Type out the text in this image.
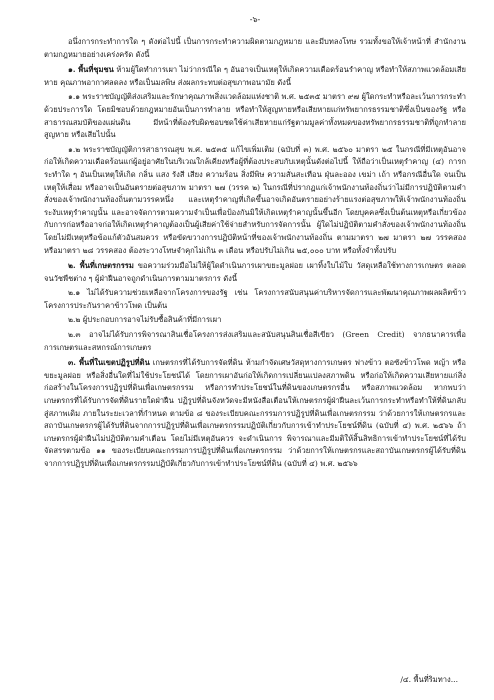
-๖-

อนึ่งการกระทำการใด ๆ ดังต่อไปนี้ เป็นการกระทำความผิดตามกฎหมาย และมีบทลงโทษ รวมทั้งขอให้เจ้าหน้าที่ สำนักงานตามกฎหมายอย่างเคร่งครัด ดังนี้

๑. พื้นที่ชุมชน ห้ามผู้ใดทำการเผา ไม่ว่ากรณีใด ๆ อันอาจเป็นเหตุให้เกิดความเดือดร้อนรำคาญ หรือทำให้สภาพแวดล้อมเสียหาย คุณภาพอากาศลดลง หรือเป็นมลพิษ ส่งผลกระทบต่อสุขภาพอนามัย ดังนี้

๑.๑ พระราชบัญญัติส่งเสริมและรักษาคุณภาพสิ่งแวดล้อมแห่งชาติ พ.ศ. ๒๕๓๕ มาตรา ๙๗ ผู้ใดกระทำหรือละเว้นการกระทำด้วยประการใด โดยมิชอบด้วยกฎหมายอันเป็นการทำลาย หรือทำให้สูญหายหรือเสียหายแก่ทรัพยากรธรรมชาติซึ่งเป็นของรัฐ หรือสาธารณสมบัติของแผ่นดิน มีหน้าที่ต้องรับผิดชอบชดใช้ค่าเสียหายแก่รัฐตามมูลค่าทั้งหมดของทรัพยากรธรรมชาติที่ถูกทำลาย สูญหาย หรือเสียไปนั้น

๑.๒ พระราชบัญญัติการสาธารณสุข พ.ศ. ๒๕๓๕ แก้ไขเพิ่มเติม (ฉบับที่ ๓) พ.ศ. ๒๕๖๐ มาตรา ๒๕ ในกรณีที่มีเหตุอันอาจก่อให้เกิดความเดือดร้อนแก่ผู้อยู่อาศัยในบริเวณใกล้เคียงหรือผู้ที่ต้องประสบกับเหตุนั้นดังต่อไปนี้ ให้ถือว่าเป็นเหตุรำคาญ (๔) การกระทำใด ๆ อันเป็นเหตุให้เกิด กลิ่น แสง รังสี เสียง ความร้อน สิ่งมีพิษ ความสั่นสะเทือน ฝุ่นละออง เขม่า เถ้า หรือกรณีอื่นใด จนเป็นเหตุให้เสื่อม หรืออาจเป็นอันตรายต่อสุขภาพ มาตรา ๒๗ (วรรค ๒) ในกรณีที่ปรากฏแก่เจ้าพนักงานท้องถิ่นว่าไม่มีการปฏิบัติตามคำสั่งของเจ้าพนักงานท้องถิ่นตามวรรคหนึ่ง และเหตุรำคาญที่เกิดขึ้นอาจเกิดอันตรายอย่างร้ายแรงต่อสุขภาพให้เจ้าพนักงานท้องถิ่นระงับเหตุรำคาญนั้น และอาจจัดการตามความจำเป็นเพื่อป้องกันมิให้เกิดเหตุรำคาญนั้นขึ้นอีก โดยบุคคลซึ่งเป็นต้นเหตุหรือเกี่ยวข้องกับการก่อหรืออาจก่อให้เกิดเหตุรำคาญต้องเป็นผู้เสียค่าใช้จ่ายสำหรับการจัดการนั้น ผู้ใดไม่ปฏิบัติตามคำสั่งของเจ้าพนักงานท้องถิ่นโดยไม่มีเหตุหรือข้อแก้ตัวอันสมควร หรือขัดขวางการปฏิบัติหน้าที่ของเจ้าพนักงานท้องถิ่น ตามมาตรา ๒๗ มาตรา ๒๗ วรรคสอง หรือมาตรา ๒๘ วรรคสอง ต้องระวางโทษจำคุกไม่เกิน ๓ เดือน หรือปรับไม่เกิน ๒๕,๐๐๐ บาท หรือทั้งจำทั้งปรับ

๒. พื้นที่เกษตรกรรม ขอความร่วมมือไม่ให้ผู้ใดดำเนินการเผาขยะมูลฝอย เผาทิ้งใบไม้ใบ วัสดุเหลือใช้ทางการเกษตร ตลอดจนวัชพืชต่าง ๆ ผู้ฝ่าฝืนอาจถูกดำเนินการตามมาตรการ ดังนี้

๒.๑ ไม่ได้รับความช่วยเหลือจากโครงการของรัฐ เช่น โครงการสนับสนุนค่าบริหารจัดการและพัฒนาคุณภาพผลผลิตข้าว โครงการประกันราคาข้าวโพด เป็นต้น

๒.๒ ผู้ประกอบการอาจไม่รับซื้อสินค้าที่มีการเผา

๒.๓ อาจไม่ได้รับการพิจารณาสินเชื่อโครงการส่งเสริมและสนับสนุนสินเชื่อสีเขียว (Green Credit) จากธนาคารเพื่อการเกษตรและสหกรณ์การเกษตร

๓. พื้นที่ในเขตปฏิรูปที่ดิน เกษตรกรที่ได้รับการจัดที่ดิน ห้ามกำจัดเศษวัสดุทางการเกษตร ฟางข้าว ตอซังข้าวโพด หญ้า หรือขยะมูลฝอย หรือสิ่งอื่นใดที่ไม่ใช้ประโยชน์ได้ โดยการเผาอันก่อให้เกิดการเปลี่ยนแปลงสภาพดิน หรือก่อให้เกิดความเสียหายแก่สิ่งก่อสร้างในโครงการปฏิรูปที่ดินเพื่อเกษตรกรรม หรือการทำประโยชน์ในที่ดินของเกษตรกรอื่น หรือสภาพแวดล้อม หากพบว่าเกษตรกรที่ได้รับการจัดที่ดินรายใดฝ่าฝืน ปฏิรูปที่ดินจังหวัดจะมีหนังสือเตือนให้เกษตรกรผู้ฝ่าฝืนละเว้นการกระทำหรือทำให้ที่ดินกลับสู่สภาพเดิม ภายในระยะเวลาที่กำหนด ตามข้อ ๘ ของระเบียบคณะกรรมการปฏิรูปที่ดินเพื่อเกษตรกรรม ว่าด้วยการให้เกษตรกรและสถาบันเกษตรกรผู้ได้รับที่ดินจากการปฏิรูปที่ดินเพื่อเกษตรกรรมปฏิบัติเกี่ยวกับการเข้าทำประโยชน์ที่ดิน (ฉบับที่ ๔) พ.ศ. ๒๕๖๖ ถ้าเกษตรกรผู้ฝ่าฝืนไม่ปฏิบัติตามคำเตือน โดยไม่มีเหตุอันควร จะดำเนินการ พิจารณาและมีมติให้สิ้นสิทธิการเข้าทำประโยชน์ที่ได้รับจัดสรรตามข้อ ๑๑ ของระเบียบคณะกรรมการปฏิรูปที่ดินเพื่อเกษตรกรรม ว่าด้วยการให้เกษตรกรและสถาบันเกษตรกรผู้ได้รับที่ดินจากการปฏิรูปที่ดินเพื่อเกษตรกรรมปฏิบัติเกี่ยวกับการเข้าทำประโยชน์ที่ดิน (ฉบับที่ ๔) พ.ศ. ๒๕๖๖

/๔. พื้นที่ริมทาง...
